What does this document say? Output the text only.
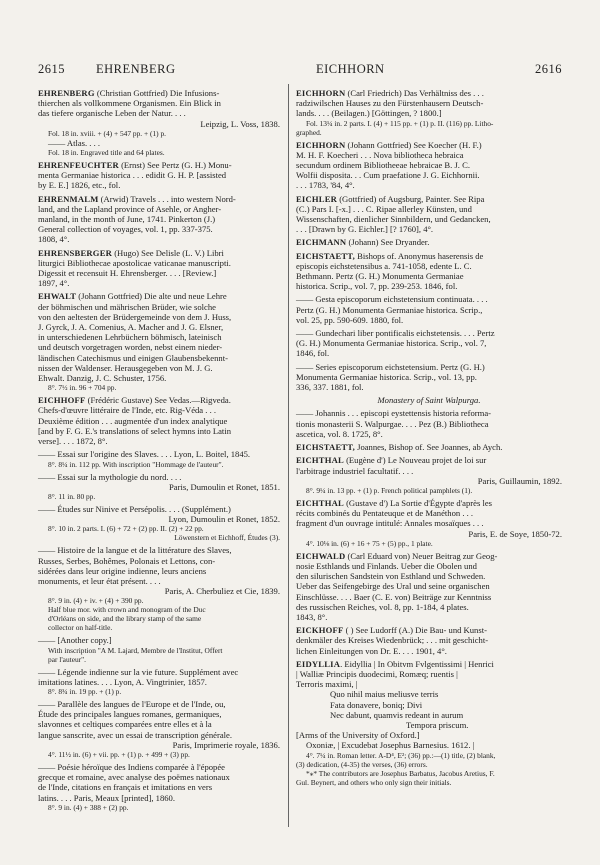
2615 EHRENBERG	EICHHORN	2616
EHRENBERG (Christian Gottfried) Die Infusions-
thierchen als vollkommene Organismen. Ein Blick in
das tiefere organische Leben der Natur. . . .
Leipzig, L. Voss, 1838.
Fol. 18 in. xviii. + (4) + 547 pp. + (1) p.
—— Atlas. . . .
Fol. 18 in. Engraved title and 64 plates.
EHRENFEUCHTER (Ernst) See Pertz (G. H.) Monu-
menta Germaniae historica . . . edidit G. H. P. [assisted
by E. E.] 1826, etc., fol.
EHRENMALM (Arwid) Travels . . . into western Nord-
land, and the Lapland province of Asehle, or Angher-
manland, in the month of June, 1741. Pinkerton (J.)
General collection of voyages, vol. 1, pp. 337-375.
1808, 4°.
EHRENSBERGER (Hugo) See Delisle (L. V.) Libri
liturgici Bibliothecae apostolicae vaticanae manuscripti.
Digessit et recensuit H. Ehrensberger. . . . [Review.]
1897, 4°.
EHWALT (Johann Gottfried) Die alte und neue Lehre
der böhmischen und mährischen Brüder, wie solche
von den aeltesten der Brüdergemeinde von dem J. Huss,
J. Gyrck, J. A. Comenius, A. Macher and J. G. Elsner,
in unterschiedenen Lehrbüchern böhmisch, lateinisch
und deutsch vorgetragen worden, nebst einem nieder-
ländischen Catechismus und einigen Glaubensbekennt-
nissen der Waldenser. Herausgegeben von M. J. G.
Ehwalt. Danzig, J. C. Schuster, 1756.
8°. 7½ in. 96 + 704 pp.
EICHHOFF (Frédéric Gustave) See Vedas.—Rigveda.
Chefs-d'œuvre littéraire de l'Inde, etc. Rig-Véda . . .
Deuxième édition . . . augmentée d'un index analytique
[and by F. G. E.'s translations of select hymns into Latin
verse]. . . . 1872, 8°.
—— Essai sur l'origine des Slaves. . . . Lyon, L. Boitel, 1845.
8°. 8¼ in. 112 pp. With inscription "Hommage de l'auteur".
—— Essai sur la mythologie du nord. . . .
Paris, Dumoulin et Ronet, 1851.
8°. 11 in. 80 pp.
—— Études sur Ninive et Persépolis. . . . (Supplément.)
Lyon, Dumoulin et Ronet, 1852.
8°. 10 in. 2 parts. I. (6) + 72 + (2) pp. II. (2) + 22 pp.
Löwenstern et Eichhoff, Études (3).
—— Histoire de la langue et de la littérature des Slaves,
Russes, Serbes, Bohêmes, Polonais et Lettons, con-
sidérées dans leur origine indienne, leurs anciens
monuments, et leur état présent. . . .
Paris, A. Cherbuliez et Cie, 1839.
8°. 9 in. (4) + iv. + (4) + 390 pp.
Half blue mor. with crown and monogram of the Duc
d'Orléans on side, and the library stamp of the same
collector on half-title.
—— [Another copy.]
With inscription "A M. Lajard, Membre de l'Institut, Offert
par l'auteur".
—— Légende indienne sur la vie future. Supplément avec
imitations latines. . . . Lyon, A. Vingtrinier, 1857.
8°. 8¾ in. 19 pp. + (1) p.
—— Parallèle des langues de l'Europe et de l'Inde, ou,
Étude des principales langues romanes, germaniques,
slavonnes et celtiques comparées entre elles et à la
langue sanscrite, avec un essai de transcription générale.
Paris, Imprimerie royale, 1836.
4°. 11½ in. (6) + vii. pp. + (1) p. + 499 + (3) pp.
—— Poésie héroïque des Indiens comparée à l'épopée
grecque et romaine, avec analyse des poëmes nationaux
de l'Inde, citations en français et imitations en vers
latins. . . . Paris, Meaux [printed], 1860.
8°. 9 in. (4) + 388 + (2) pp.
EICHHORN (Carl Friedrich) Das Verhältniss des . . .
radziwilschen Hauses zu den Fürstenhausern Deutsch-
lands. . . . (Beilagen.) [Göttingen, ? 1800.]
Fol. 13¼ in. 2 parts. I. (4) + 115 pp. + (1) p. II. (116) pp. Litho-
graphed.
EICHHORN (Johann Gottfried) See Koecher (H. F.)
M. H. F. Koecheri . . . Nova bibliotheca hebraica
secundum ordinem Bibliotheeae hebraicae B. J. C.
Wolfii disposita. . . Cum praefatione J. G. Eichhornii.
. . . 1783, '84, 4°.
EICHLER (Gottfried) of Augsburg, Painter. See Ripa
(C.) Pars I. [-x.] . . . C. Ripae allerley Künsten, und
Wissenschaften, dienlicher Sinnbildern, und Gedancken,
. . . [Drawn by G. Eichler.] [? 1760], 4°.
EICHMANN (Johann) See Dryander.
EICHSTAETT, Bishops of. Anonymus haserensis de
episcopis eichstetensibus a. 741-1058, edente L. C.
Bethmann. Pertz (G. H.) Monumenta Germaniae
historica. Scrip., vol. 7, pp. 239-253. 1846, fol.
—— Gesta episcoporum eichstetensium continuata. . . .
Pertz (G. H.) Monumenta Germaniae historica. Scrip.,
vol. 25, pp. 590-609. 1880, fol.
—— Gundechari liber pontificalis eichstetensis. . . . Pertz
(G. H.) Monumenta Germaniae historica. Scrip., vol. 7,
1846, fol.
—— Series episcoporum eichstetensium. Pertz (G. H.)
Monumenta Germaniae historica. Scrip., vol. 13, pp.
336, 337. 1881, fol.
Monastery of Saint Walpurga.
—— Johannis . . . episcopi eystettensis historia reforma-
tionis monasterii S. Walpurgae. . . . Pez (B.) Bibliotheca
ascetica, vol. 8. 1725, 8°.
EICHSTAETT, Joannes, Bishop of. See Joannes, ab Aych.
EICHTHAL (Eugène d') Le Nouveau projet de loi sur
l'arbitrage industriel facultatif. . . .
Paris, Guillaumin, 1892.
8°. 9¼ in. 13 pp. + (1) p. French political pamphlets (1).
EICHTHAL (Gustave d') La Sortie d'Égypte d'après les
récits combinés du Pentateuque et de Manéthon . . .
fragment d'un ouvrage intitulé: Annales mosaïques . . .
Paris, E. de Soye, 1850-72.
4°. 10⅛ in. (6) + 16 + 75 + (5) pp., 1 plate.
EICHWALD (Carl Eduard von) Neuer Beitrag zur Geog-
nosie Esthlands und Finlands. Ueber die Obolen und
den silurischen Sandstein von Esthland und Schweden.
Ueber das Seifengebirge des Ural und seine organischen
Einschlüsse. . . . Baer (C. E. von) Beiträge zur Kenntniss
des russischen Reiches, vol. 8, pp. 1-184, 4 plates.
1843, 8°.
EICKHOFF ( ) See Ludorff (A.) Die Bau- und Kunst-
denkmäler des Kreises Wiedenbrück; . . . mit geschicht-
lichen Einleitungen von Dr. E. . . . 1901, 4°.
EIDYLLIA. Eidyllia | In Obitvm Fvlgentissimi | Henrici
| Walliæ Principis duodecimi, Romæq; ruentis |
Terroris maximi, |
Quo nihil maius meliusve terris
Fata donavere, boniq; Divi
Nec dabunt, quamvis redeant in aurum
Tempora priscum.
[Arms of the University of Oxford.]
Oxoniæ, | Excudebat Josephus Barnesius. 1612. |
4°. 7¼ in. Roman letter. A-D⁴, E²; (36) pp.:—(1) title, (2) blank,
(3) dedication, (4-35) the verses, (36) errors.
*⁎* The contributors are Josephus Barbatus, Jacobus Aretius, F.
Gul. Beynert, and others who only sign their initials.
